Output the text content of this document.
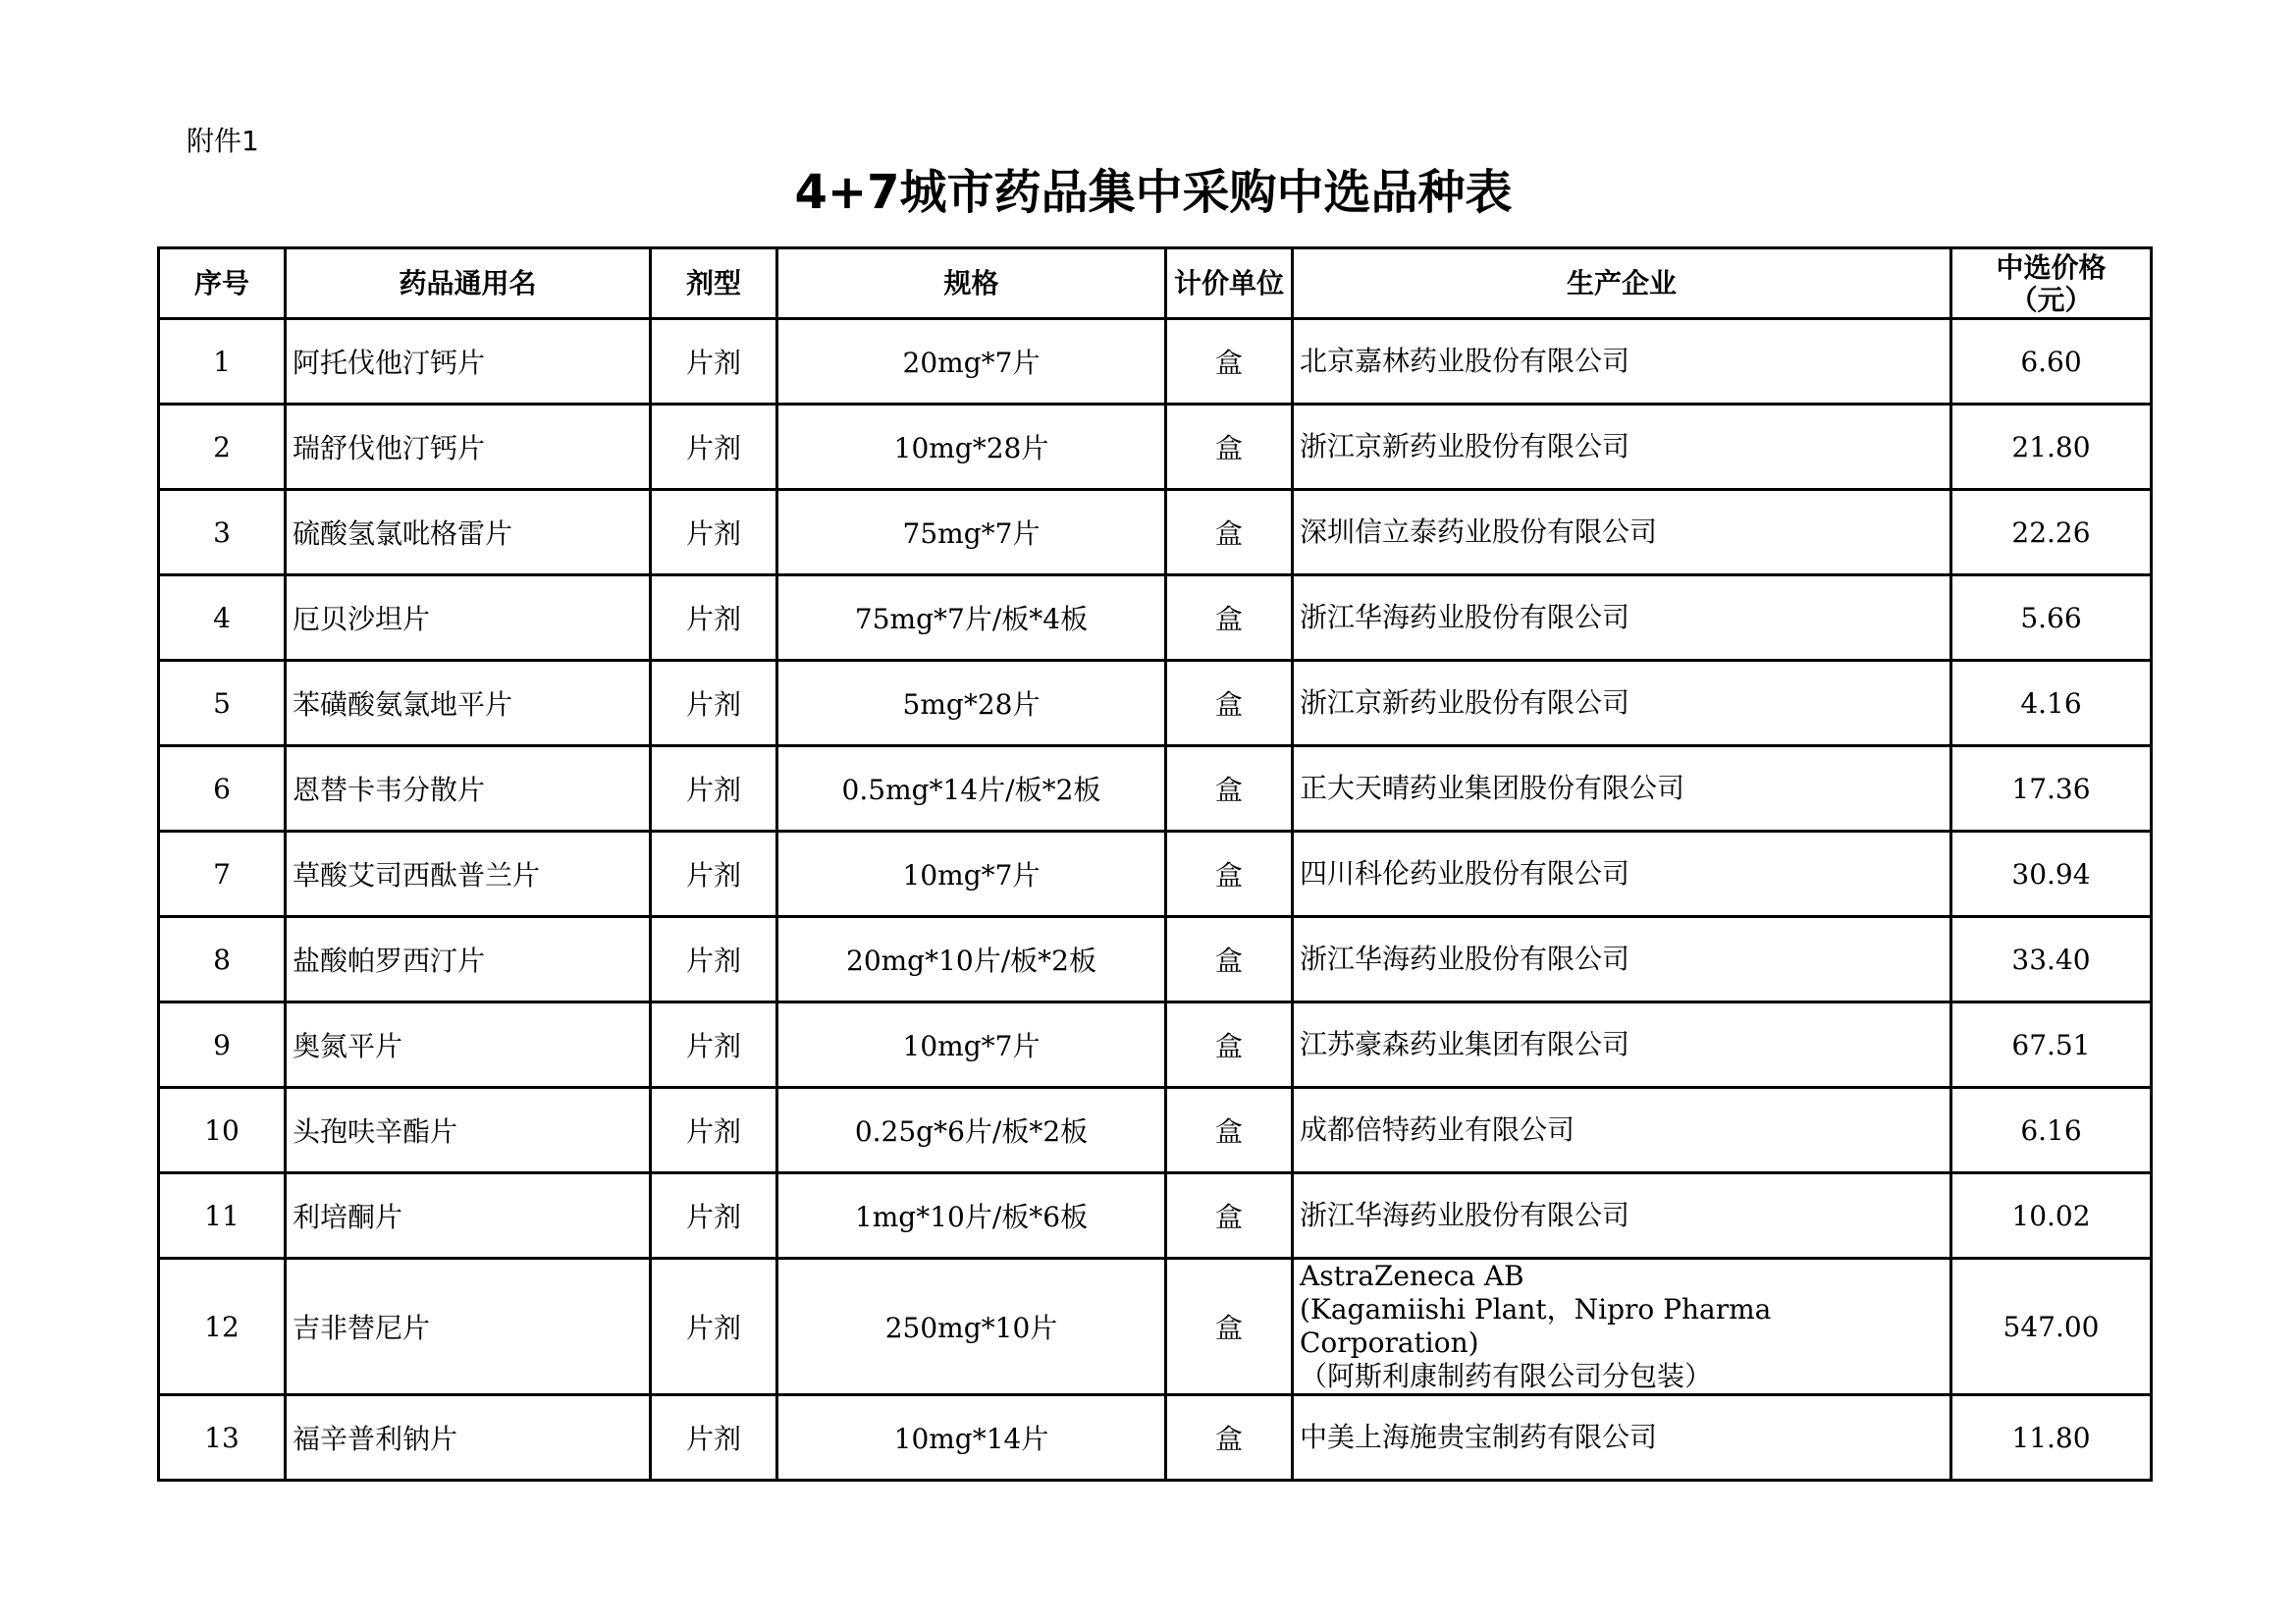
附件1
4+7城市药品集中采购中选品种表
序号	药品通用名	剂型	规格	计价单位	生产企业	中选价格
（元）

1	阿托伐他汀钙片	片剂	20mg*7片	盒	北京嘉林药业股份有限公司	6.60
2	瑞舒伐他汀钙片	片剂	10mg*28片	盒	浙江京新药业股份有限公司	21.80
3	硫酸氢氯吡格雷片	片剂	75mg*7片	盒	深圳信立泰药业股份有限公司	22.26
4	厄贝沙坦片	片剂	75mg*7片/板*4板	盒	浙江华海药业股份有限公司	5.66
5	苯磺酸氨氯地平片	片剂	5mg*28片	盒	浙江京新药业股份有限公司	4.16
6	恩替卡韦分散片	片剂	0.5mg*14片/板*2板	盒	正大天晴药业集团股份有限公司	17.36
7	草酸艾司西酞普兰片	片剂	10mg*7片	盒	四川科伦药业股份有限公司	30.94
8	盐酸帕罗西汀片	片剂	20mg*10片/板*2板	盒	浙江华海药业股份有限公司	33.40
9	奥氮平片	片剂	10mg*7片	盒	江苏豪森药业集团有限公司	67.51
10	头孢呋辛酯片	片剂	0.25g*6片/板*2板	盒	成都倍特药业有限公司	6.16
11	利培酮片	片剂	1mg*10片/板*6板	盒	浙江华海药业股份有限公司	10.02
12	吉非替尼片	片剂	250mg*10片	盒	AstraZeneca AB
(Kagamiishi Plant，Nipro Pharma Corporation)
（阿斯利康制药有限公司分包装）	547.00
13	福辛普利钠片	片剂	10mg*14片	盒	中美上海施贵宝制药有限公司	11.80
